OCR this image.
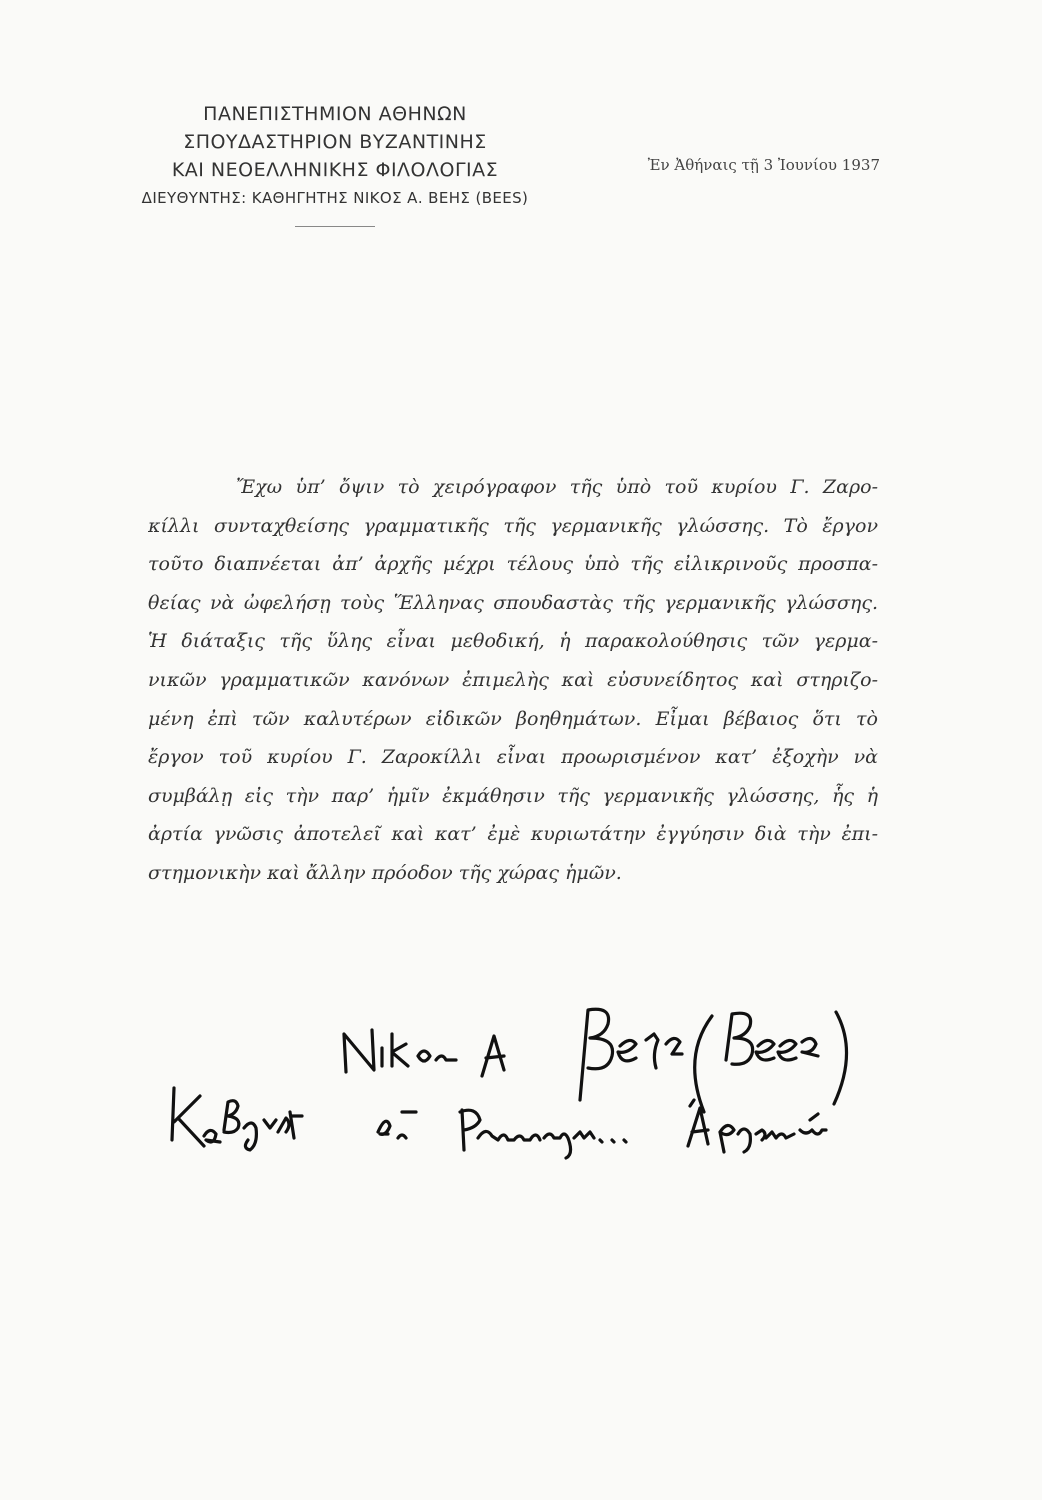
ΠΑΝΕΠΙΣΤΗΜΙΟΝ ΑΘΗΝΩΝ
ΣΠΟΥΔΑΣΤΗΡΙΟΝ ΒΥΖΑΝΤΙΝΗΣ
ΚΑΙ ΝΕΟΕΛΛΗΝΙΚΗΣ ΦΙΛΟΛΟΓΙΑΣ
ΔΙΕΥΘΥΝΤΗΣ: ΚΑΘΗΓΗΤΗΣ ΝΙΚΟΣ Α. ΒΕΗΣ (BEES)
Ἐν Ἀθήναις τῇ 3 Ἰουνίου 1937
Ἔχω ὑπ’ ὄψιν τὸ χειρόγραφον τῆς ὑπὸ τοῦ κυρίου Γ. Ζαρο-
κίλλι συνταχθείσης γραμματικῆς τῆς γερμανικῆς γλώσσης. Τὸ ἔργον
τοῦτο διαπνέεται ἀπ’ ἀρχῆς μέχρι τέλους ὑπὸ τῆς εἰλικρινοῦς προσπα-
θείας νὰ ὠφελήσῃ τοὺς Ἕλληνας σπουδαστὰς τῆς γερμανικῆς γλώσσης.
Ἡ διάταξις τῆς ὕλης εἶναι μεθοδική, ἡ παρακολούθησις τῶν γερμα-
νικῶν γραμματικῶν κανόνων ἐπιμελὴς καὶ εὐσυνείδητος καὶ στηριζο-
μένη ἐπὶ τῶν καλυτέρων εἰδικῶν βοηθημάτων. Εἶμαι βέβαιος ὅτι τὸ
ἔργον τοῦ κυρίου Γ. Ζαροκίλλι εἶναι προωρισμένον κατ’ ἐξοχὴν νὰ
συμβάλῃ εἰς τὴν παρ’ ἡμῖν ἐκμάθησιν τῆς γερμανικῆς γλώσσης, ἧς ἡ
ἀρτία γνῶσις ἀποτελεῖ καὶ κατ’ ἐμὲ κυριωτάτην ἐγγύησιν διὰ τὴν ἐπι-
στημονικὴν καὶ ἄλλην πρόοδον τῆς χώρας ἡμῶν.
